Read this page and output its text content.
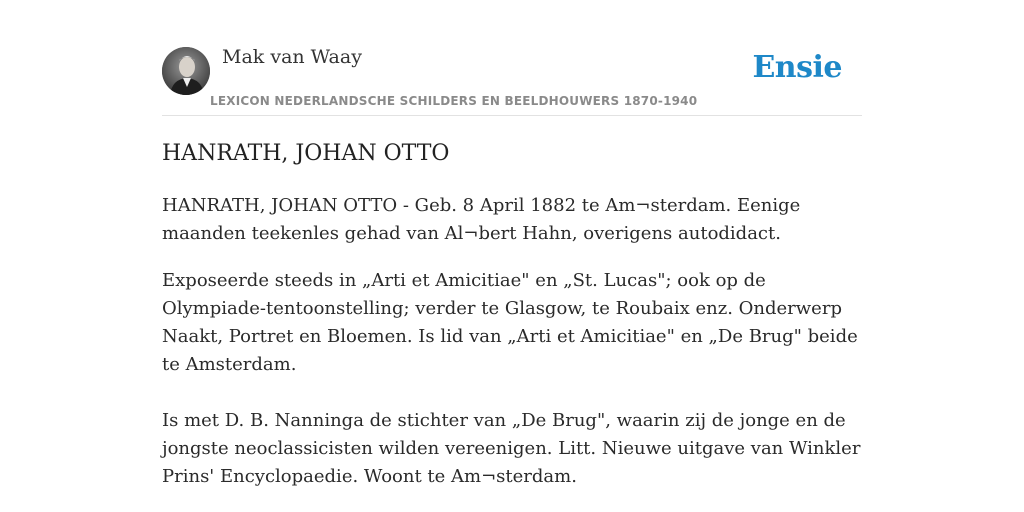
Mak van Waay
LEXICON NEDERLANDSCHE SCHILDERS EN BEELDHOUWERS 1870-1940
Ensie
HANRATH, JOHAN OTTO

HANRATH, JOHAN OTTO - Geb. 8 April 1882 te Am¬sterdam. Eenige maanden teekenles gehad van Al¬bert Hahn, overigens autodidact.

Exposeerde steeds in „Arti et Amicitiae" en „St. Lucas"; ook op de Olympiade-tentoonstelling; verder te Glasgow, te Roubaix enz. Onderwerp Naakt, Portret en Bloemen. Is lid van „Arti et Amicitiae" en „De Brug" beide te Amsterdam.

Is met D. B. Nanninga de stichter van „De Brug", waarin zij de jonge en de jongste neoclassicisten wilden vereenigen. Litt. Nieuwe uitgave van Winkler Prins' Encyclopaedie. Woont te Am¬sterdam.
